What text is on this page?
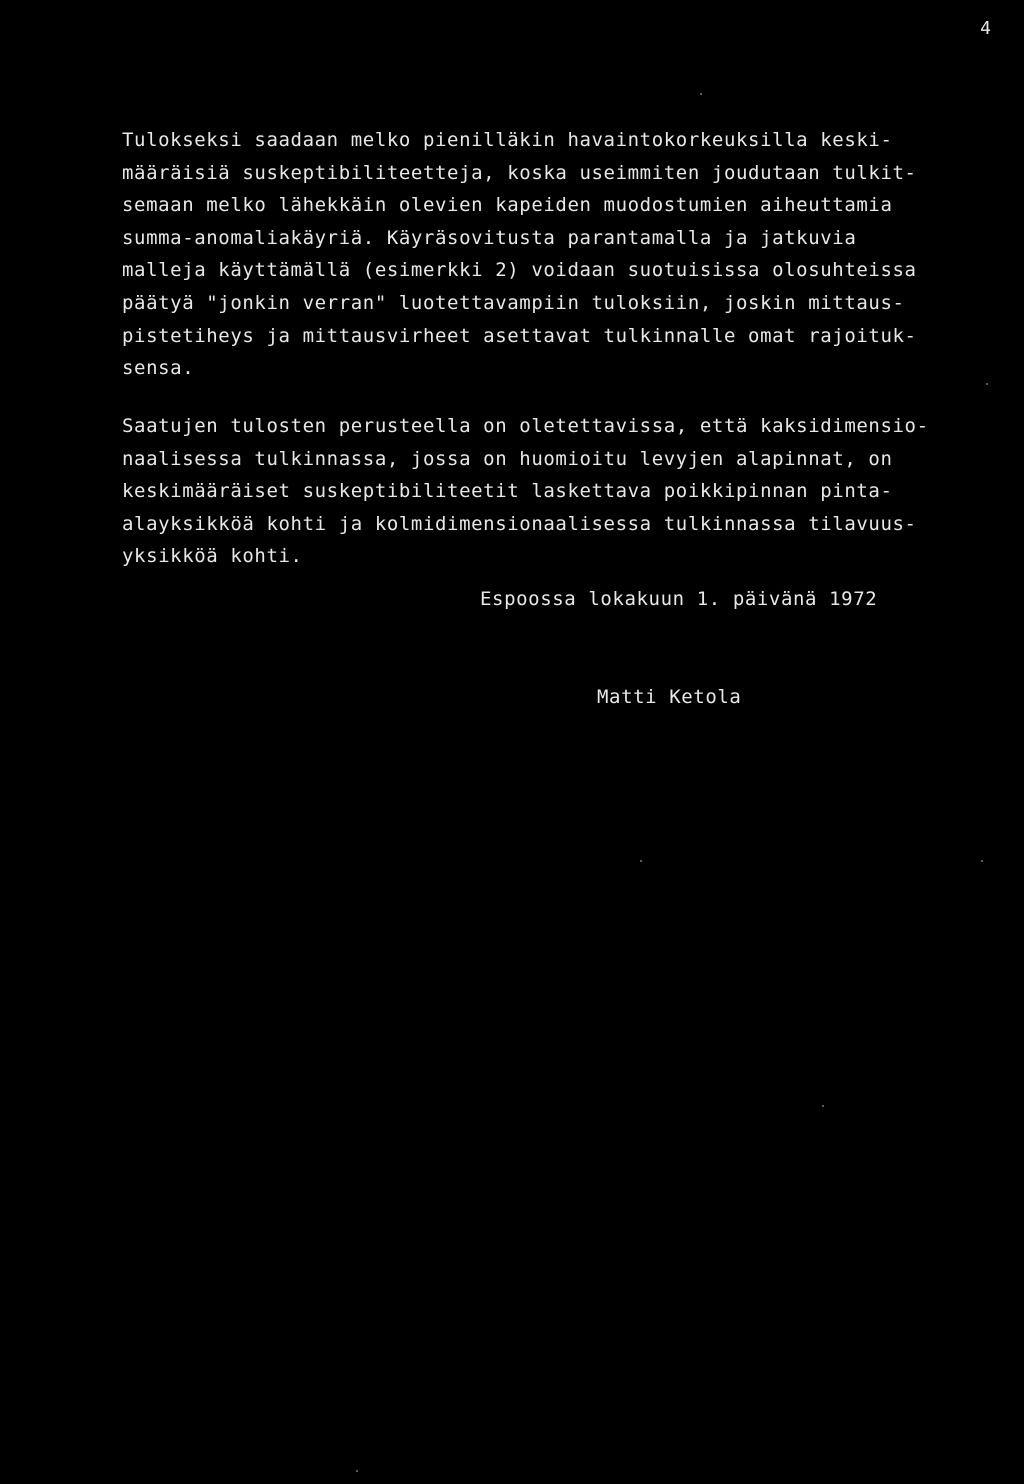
4
Tulokseksi saadaan melko pienilläkin havaintokorkeuksilla keski-
määräisiä suskeptibiliteetteja, koska useimmiten joudutaan tulkit-
semaan melko lähekkäin olevien kapeiden muodostumien aiheuttamia
summa-anomaliakäyriä. Käyräsovitusta parantamalla ja jatkuvia
malleja käyttämällä (esimerkki 2) voidaan suotuisissa olosuhteissa
päätyä "jonkin verran" luotettavampiin tuloksiin, joskin mittaus-
pistetiheys ja mittausvirheet asettavat tulkinnalle omat rajoituk-
sensa.
Saatujen tulosten perusteella on oletettavissa, että kaksidimensio-
naalisessa tulkinnassa, jossa on huomioitu levyjen alapinnat, on
keskimääräiset suskeptibiliteetit laskettava poikkipinnan pinta-
alayksikköä kohti ja kolmidimensionaalisessa tulkinnassa tilavuus-
yksikköä kohti.
Espoossa lokakuun 1. päivänä 1972
Matti Ketola
